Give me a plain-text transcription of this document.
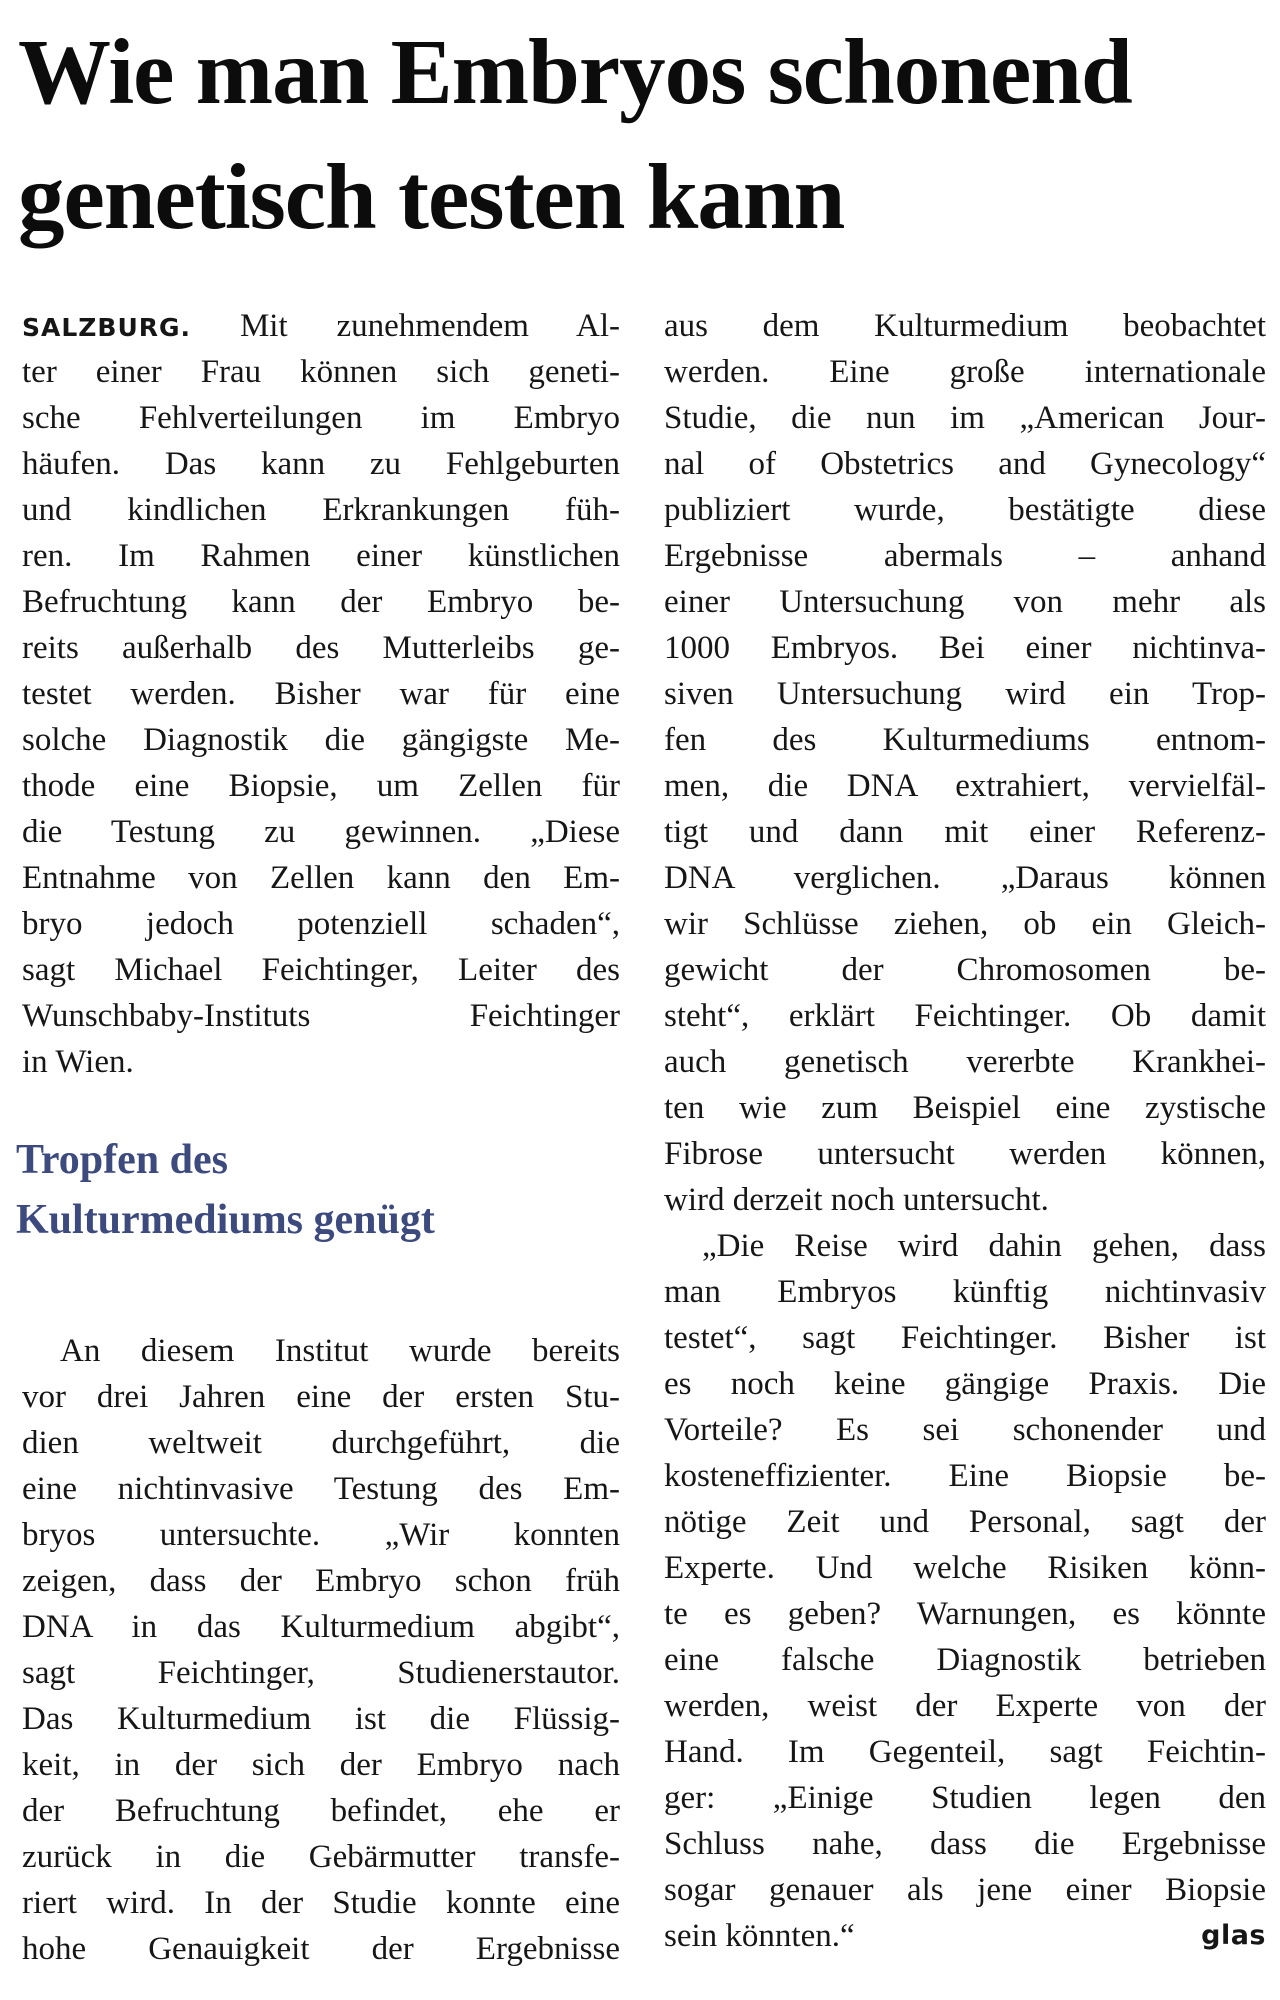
Wie man Embryos schonend
genetisch testen kann
SALZBURG. Mit zunehmendem Al-
ter einer Frau können sich geneti-
sche Fehlverteilungen im Embryo
häufen. Das kann zu Fehlgeburten
und kindlichen Erkrankungen füh-
ren. Im Rahmen einer künstlichen
Befruchtung kann der Embryo be-
reits außerhalb des Mutterleibs ge-
testet werden. Bisher war für eine
solche Diagnostik die gängigste Me-
thode eine Biopsie, um Zellen für
die Testung zu gewinnen. „Diese
Entnahme von Zellen kann den Em-
bryo jedoch potenziell schaden“,
sagt Michael Feichtinger, Leiter des
Wunschbaby-Instituts Feichtinger
in Wien.
Tropfen des
Kulturmediums genügt
An diesem Institut wurde bereits
vor drei Jahren eine der ersten Stu-
dien weltweit durchgeführt, die
eine nichtinvasive Testung des Em-
bryos untersuchte. „Wir konnten
zeigen, dass der Embryo schon früh
DNA in das Kulturmedium abgibt“,
sagt Feichtinger, Studienerstautor.
Das Kulturmedium ist die Flüssig-
keit, in der sich der Embryo nach
der Befruchtung befindet, ehe er
zurück in die Gebärmutter transfe-
riert wird. In der Studie konnte eine
hohe Genauigkeit der Ergebnisse
aus dem Kulturmedium beobachtet
werden. Eine große internationale
Studie, die nun im „American Jour-
nal of Obstetrics and Gynecology“
publiziert wurde, bestätigte diese
Ergebnisse abermals – anhand
einer Untersuchung von mehr als
1000 Embryos. Bei einer nichtinva-
siven Untersuchung wird ein Trop-
fen des Kulturmediums entnom-
men, die DNA extrahiert, vervielfäl-
tigt und dann mit einer Referenz-
DNA verglichen. „Daraus können
wir Schlüsse ziehen, ob ein Gleich-
gewicht der Chromosomen be-
steht“, erklärt Feichtinger. Ob damit
auch genetisch vererbte Krankhei-
ten wie zum Beispiel eine zystische
Fibrose untersucht werden können,
wird derzeit noch untersucht.
„Die Reise wird dahin gehen, dass
man Embryos künftig nichtinvasiv
testet“, sagt Feichtinger. Bisher ist
es noch keine gängige Praxis. Die
Vorteile? Es sei schonender und
kosteneffizienter. Eine Biopsie be-
nötige Zeit und Personal, sagt der
Experte. Und welche Risiken könn-
te es geben? Warnungen, es könnte
eine falsche Diagnostik betrieben
werden, weist der Experte von der
Hand. Im Gegenteil, sagt Feichtin-
ger: „Einige Studien legen den
Schluss nahe, dass die Ergebnisse
sogar genauer als jene einer Biopsie
sein könnten.“	glas
